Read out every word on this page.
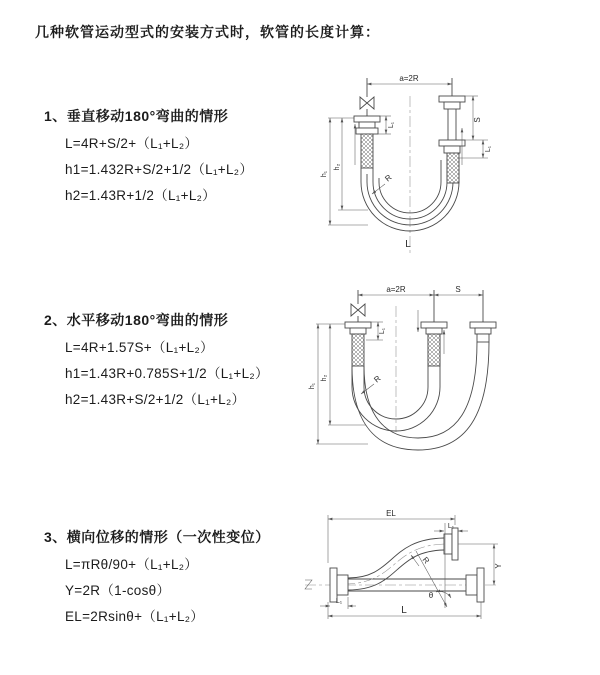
几种软管运动型式的安装方式时，软管的长度计算：
1、垂直移动180°弯曲的情形
L=4R+S/2+（L₁+L₂）
h1=1.432R+S/2+1/2（L₁+L₂）
h2=1.43R+1/2（L₁+L₂）
2、水平移动180°弯曲的情形
L=4R+1.57S+（L₁+L₂）
h1=1.43R+0.785S+1/2（L₁+L₂）
h2=1.43R+S/2+1/2（L₁+L₂）
3、横向位移的情形（一次性变位）
L=πRθ/90+（L₁+L₂）
Y=2R（1-cosθ）
EL=2Rsinθ+（L₁+L₂）
a=2R
S
L₁
h₁
h₂
L₁
R
L
a=2R	S
h₁
h₂
L₁
R
EL
L₁
Y
L
L₁
R
θ
